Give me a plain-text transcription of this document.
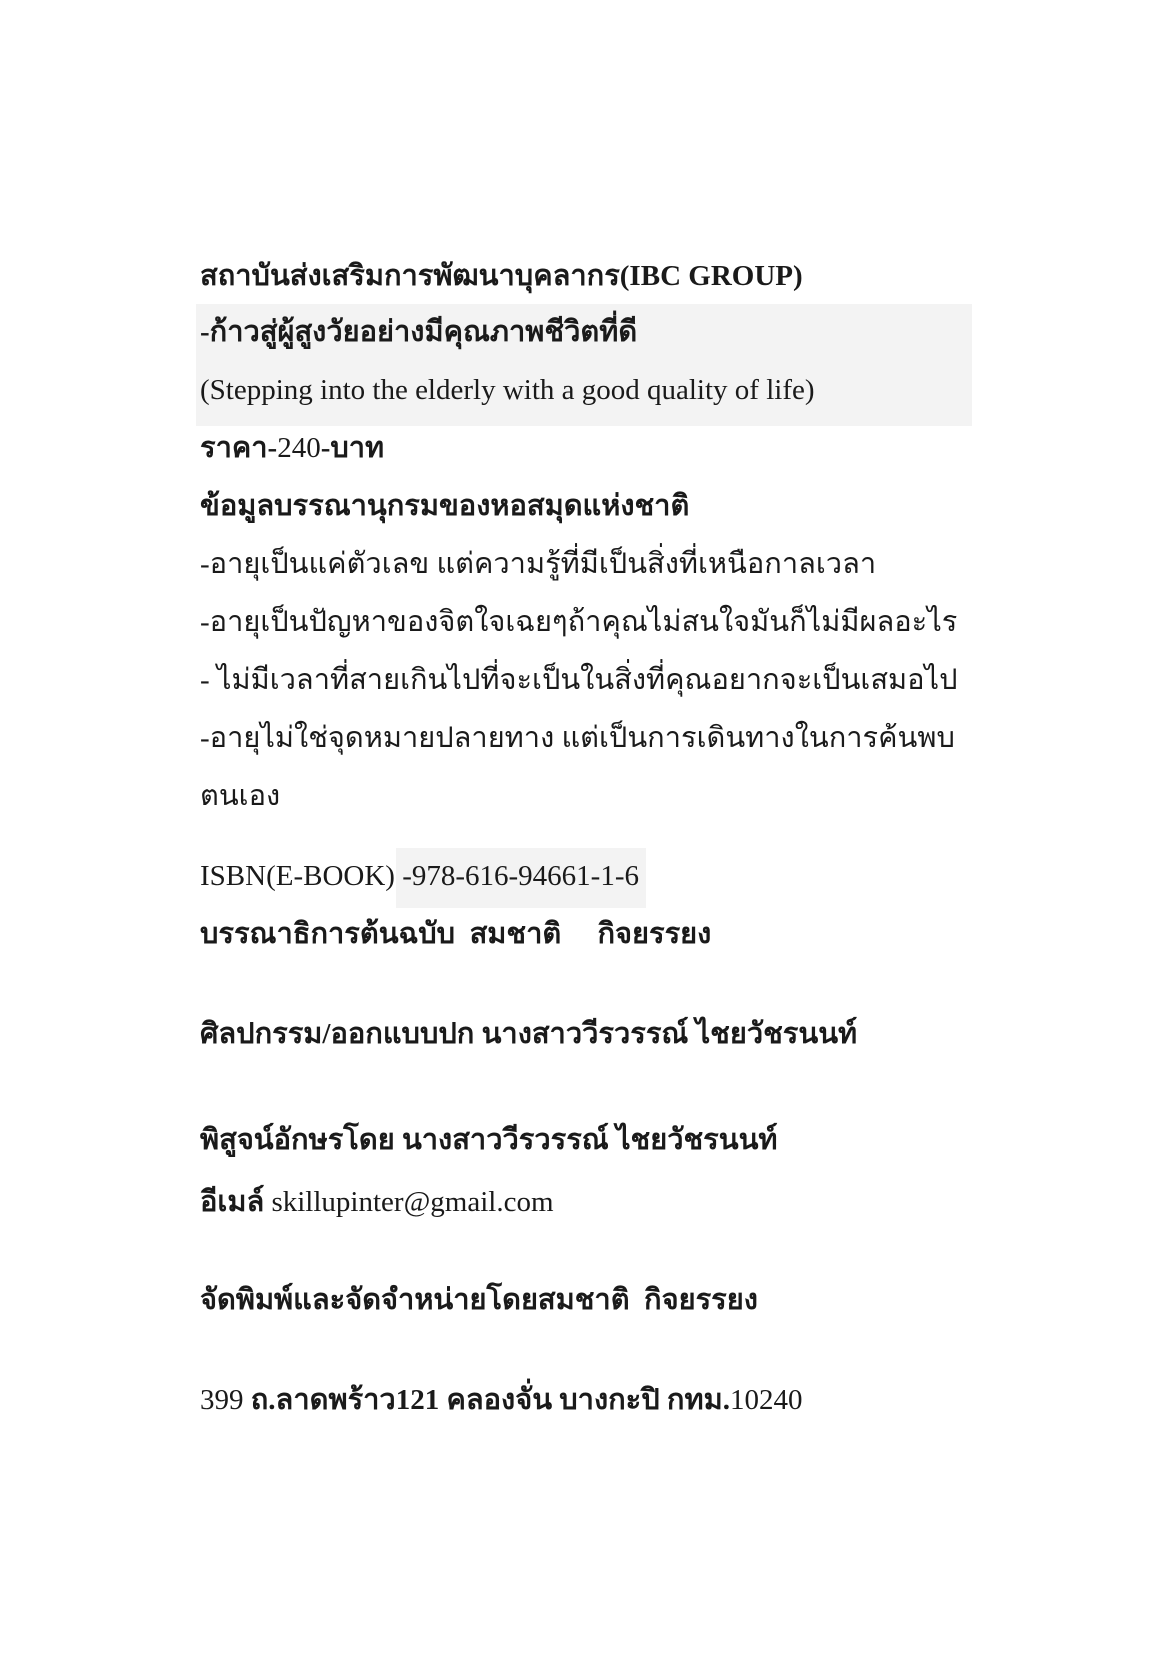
สถาบันส่งเสริมการพัฒนาบุคลากร(IBC GROUP)
-ก้าวสู่ผู้สูงวัยอย่างมีคุณภาพชีวิตที่ดี
(Stepping into the elderly with a good quality of life)
ราคา-240-บาท
ข้อมูลบรรณานุกรมของหอสมุดแห่งชาติ
-อายุเป็นแค่ตัวเลข แต่ความรู้ที่มีเป็นสิ่งที่เหนือกาลเวลา
-อายุเป็นปัญหาของจิตใจเฉยๆถ้าคุณไม่สนใจมันก็ไม่มีผลอะไร
- ไม่มีเวลาที่สายเกินไปที่จะเป็นในสิ่งที่คุณอยากจะเป็นเสมอไป
-อายุไม่ใช่จุดหมายปลายทาง แต่เป็นการเดินทางในการค้นพบ
ตนเอง
ISBN(E-BOOK) -978-616-94661-1-6
บรรณาธิการต้นฉบับ  สมชาติ     กิจยรรยง
ศิลปกรรม/ออกแบบปก นางสาววีรวรรณ์ ไชยวัชรนนท์
พิสูจน์อักษรโดย นางสาววีรวรรณ์ ไชยวัชรนนท์
อีเมล์ skillupinter@gmail.com
จัดพิมพ์และจัดจำหน่ายโดยสมชาติ  กิจยรรยง
399 ถ.ลาดพร้าว121 คลองจั่น บางกะปิ กทม.10240
